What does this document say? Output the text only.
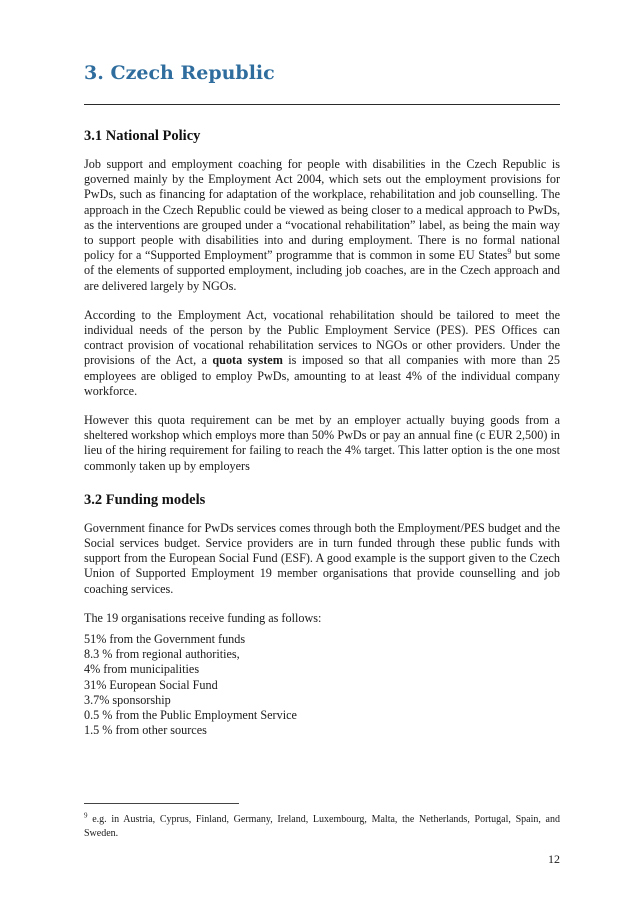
3. Czech Republic
3.1 National Policy

Job support and employment coaching for people with disabilities in the Czech Republic is governed mainly by the Employment Act 2004, which sets out the employment provisions for PwDs, such as financing for adaptation of the workplace, rehabilitation and job counselling. The approach in the Czech Republic could be viewed as being closer to a medical approach to PwDs, as the interventions are grouped under a “vocational rehabilitation” label, as being the main way to support people with disabilities into and during employment. There is no formal national policy for a “Supported Employment” programme that is common in some EU States$^9$ but some of the elements of supported employment, including job coaches, are in the Czech approach and are delivered largely by NGOs.

According to the Employment Act, vocational rehabilitation should be tailored to meet the individual needs of the person by the Public Employment Service (PES). PES Offices can contract provision of vocational rehabilitation services to NGOs or other providers. Under the provisions of the Act, a quota system is imposed so that all companies with more than 25 employees are obliged to employ PwDs, amounting to at least 4% of the individual company workforce.

However this quota requirement can be met by an employer actually buying goods from a sheltered workshop which employs more than 50% PwDs or pay an annual fine (c EUR 2,500) in lieu of the hiring requirement for failing to reach the 4% target. This latter option is the one most commonly taken up by employers

3.2 Funding models

Government finance for PwDs services comes through both the Employment/PES budget and the Social services budget. Service providers are in turn funded through these public funds with support from the European Social Fund (ESF). A good example is the support given to the Czech Union of Supported Employment 19 member organisations that provide counselling and job coaching services.

The 19 organisations receive funding as follows:

51% from the Government funds
8.3 % from regional authorities,
4% from municipalities
31% European Social Fund
3.7% sponsorship
0.5 % from the Public Employment Service
1.5 % from other sources

$^9$ e.g. in Austria, Cyprus, Finland, Germany, Ireland, Luxembourg, Malta, the Netherlands, Portugal, Spain, and Sweden.

12
